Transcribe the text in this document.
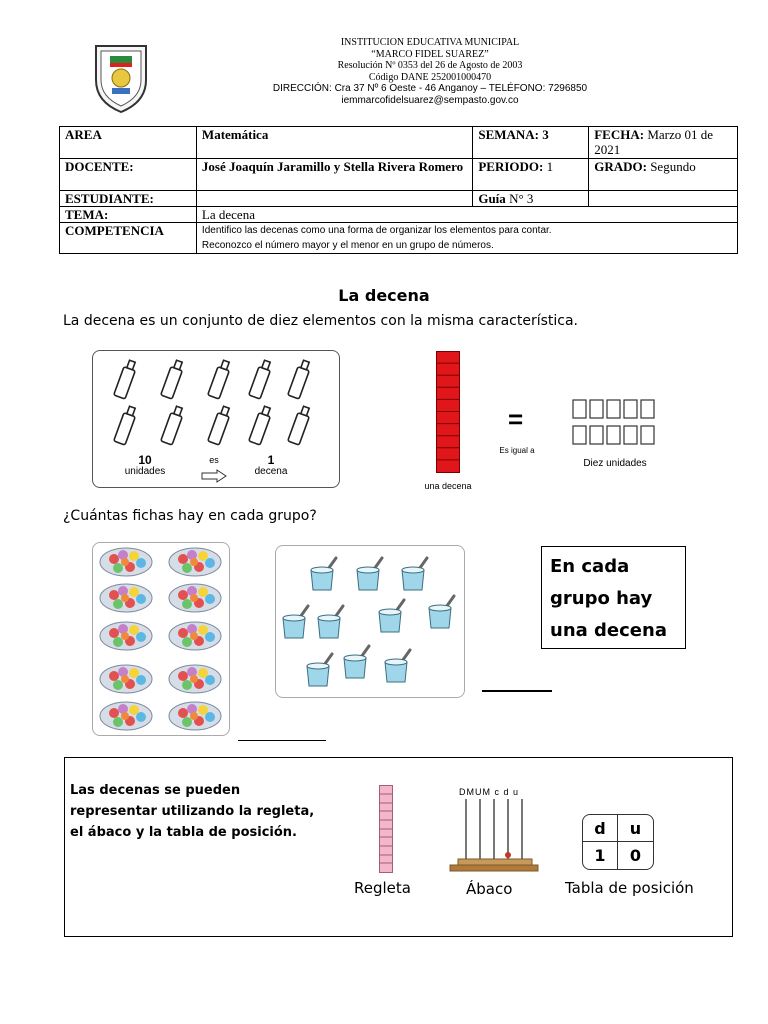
INSTITUCION EDUCATIVA MUNICIPAL
“MARCO FIDEL SUAREZ”
Resolución Nº 0353 del 26 de Agosto de 2003
Código DANE 252001000470
DIRECCIÓN: Cra 37 Nº 6 Oeste - 46 Anganoy – TELÉFONO: 7296850
iemmarcofidelsuarez@sempasto.gov.co
AREA	Matemática	SEMANA: 3	FECHA: Marzo 01 de 2021
DOCENTE:	José Joaquín Jaramillo y Stella Rivera Romero	PERIODO: 1	GRADO: Segundo
ESTUDIANTE:		Guía N° 3	
TEMA:	La decena		
COMPETENCIA	Identifico las decenas como una forma de organizar los elementos para contar.
Reconozco el número mayor y el menor en un grupo de números.		
La decena
La decena es un conjunto de diez elementos con la misma característica.
10
unidades
es	1
decena
una decena
=
Es igual a
Diez unidades
¿Cuántas fichas hay en cada grupo?
En cada
grupo hay
una decena
Las decenas se pueden
representar utilizando la regleta,
el ábaco y la tabla de posición.
Regleta
DMUM c d u
Ábaco
d	u
1	0
Tabla de posición
